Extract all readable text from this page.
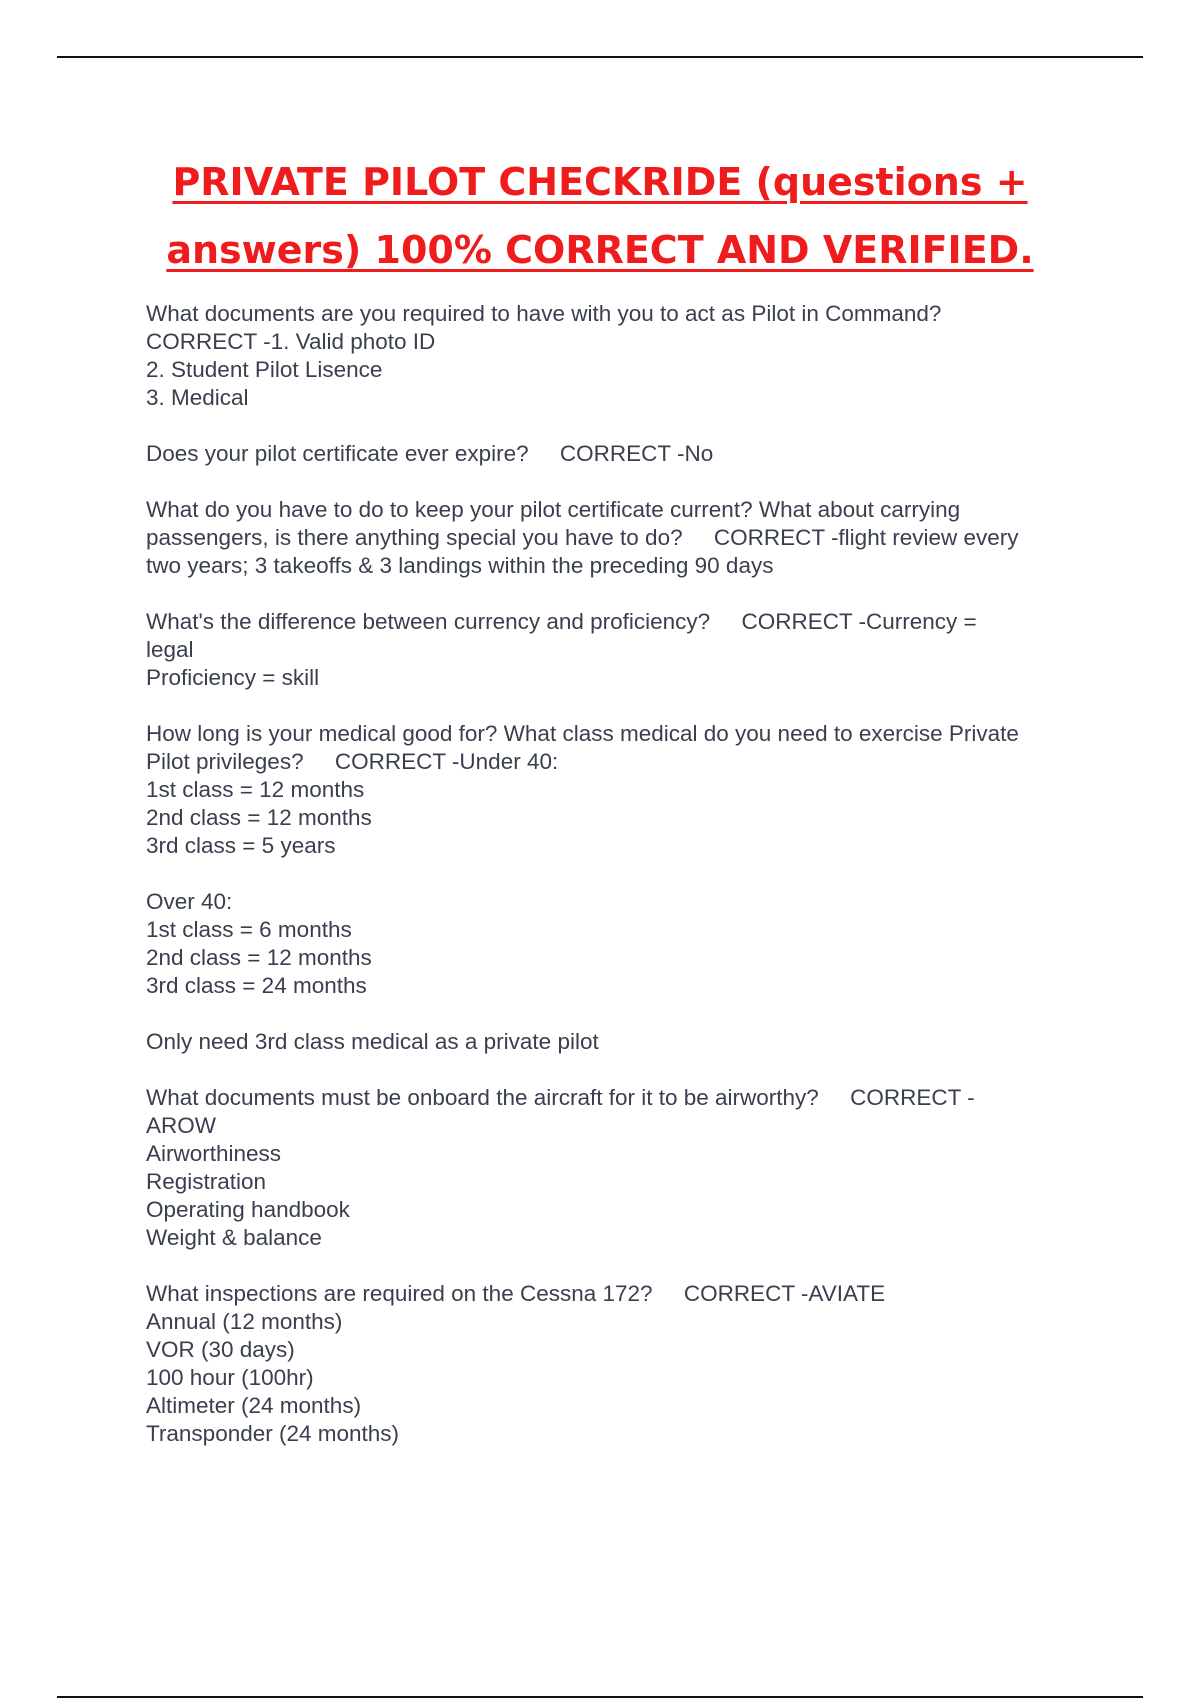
PRIVATE PILOT CHECKRIDE (questions +
answers) 100% CORRECT AND VERIFIED.
What documents are you required to have with you to act as Pilot in Command?
CORRECT -1. Valid photo ID
2. Student Pilot Lisence
3. Medical
Does your pilot certificate ever expire?     CORRECT -No
What do you have to do to keep your pilot certificate current? What about carrying
passengers, is there anything special you have to do?     CORRECT -flight review every
two years; 3 takeoffs & 3 landings within the preceding 90 days
What's the difference between currency and proficiency?     CORRECT -Currency =
legal
Proficiency = skill
How long is your medical good for? What class medical do you need to exercise Private
Pilot privileges?     CORRECT -Under 40:
1st class = 12 months
2nd class = 12 months
3rd class = 5 years
Over 40:
1st class = 6 months
2nd class = 12 months
3rd class = 24 months
Only need 3rd class medical as a private pilot
What documents must be onboard the aircraft for it to be airworthy?     CORRECT -
AROW
Airworthiness
Registration
Operating handbook
Weight & balance
What inspections are required on the Cessna 172?     CORRECT -AVIATE
Annual (12 months)
VOR (30 days)
100 hour (100hr)
Altimeter (24 months)
Transponder (24 months)
